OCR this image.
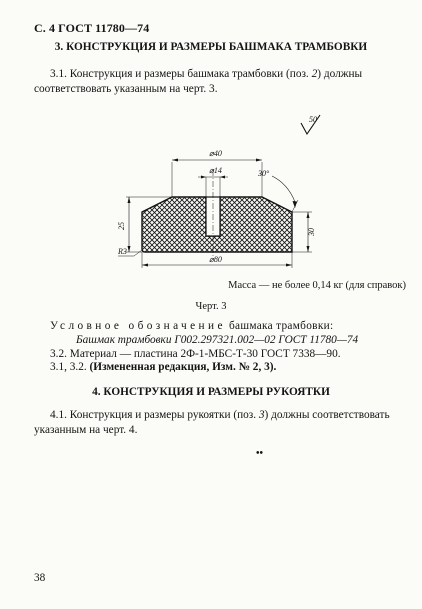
С. 4 ГОСТ 11780—74
3. КОНСТРУКЦИЯ И РАЗМЕРЫ БАШМАКА ТРАМБОВКИ
3.1. Конструкция и размеры башмака трамбовки (поз. 2) должны соответствовать указанным на черт. 3.
50
⌀40
⌀14	30°
25
30
R3
⌀80
Масса — не более 0,14 кг (для справок)
Черт. 3
Условное обозначение башмака трамбовки:
Башмак трамбовки Г002.297321.002—02 ГОСТ 11780—74
3.2. Материал — пластина 2Ф-1-МБС-Т-30 ГОСТ 7338—90.
3.1, 3.2. (Измененная редакция, Изм. № 2, 3).
4. КОНСТРУКЦИЯ И РАЗМЕРЫ РУКОЯТКИ
4.1. Конструкция и размеры рукоятки (поз. 3) должны соответствовать указанным на черт. 4.
••
38
